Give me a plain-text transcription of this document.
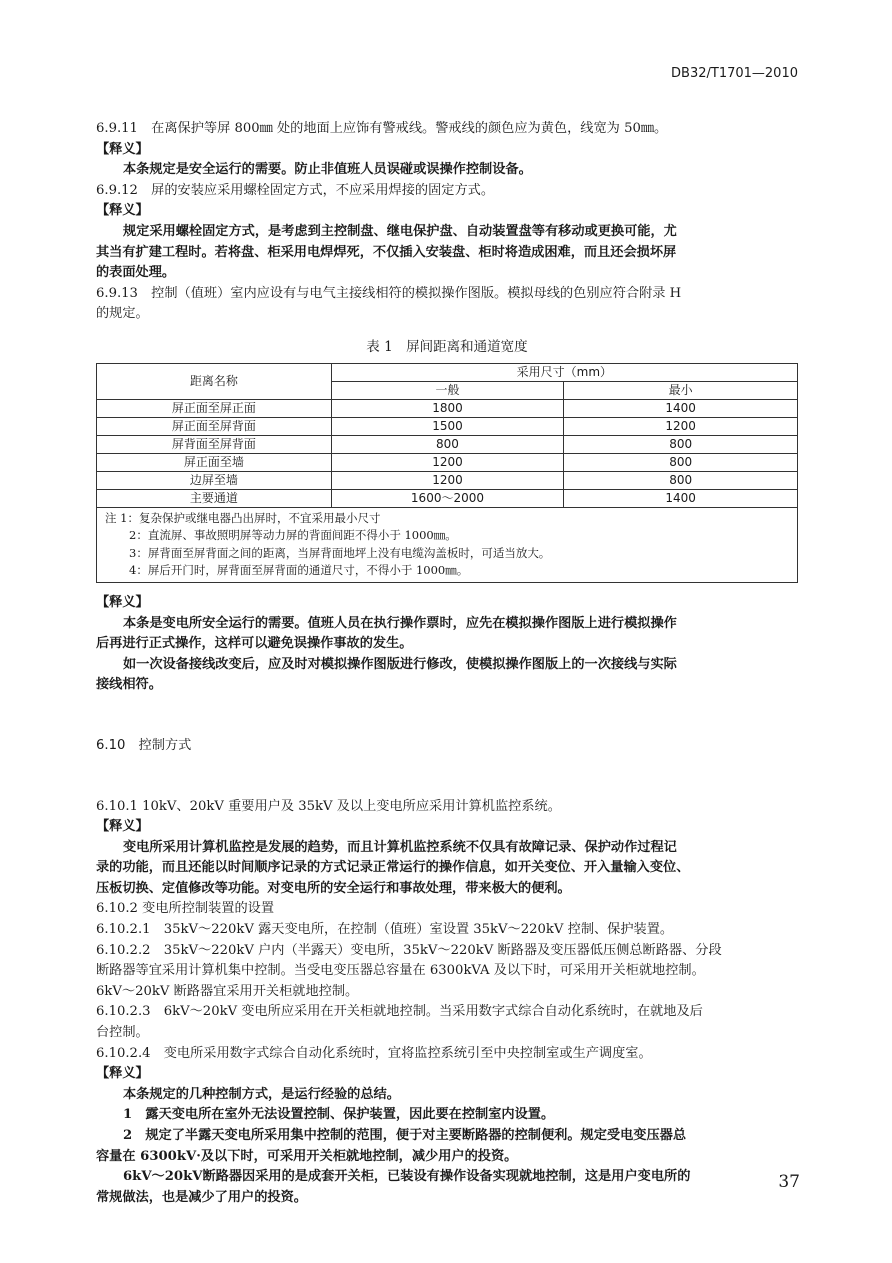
DB32/T1701—2010

6.9.11　在离保护等屏 800㎜ 处的地面上应饰有警戒线。警戒线的颜色应为黄色，线宽为 50㎜。

【释义】

本条规定是安全运行的需要。防止非值班人员误碰或误操作控制设备。

6.9.12　屏的安装应采用螺栓固定方式，不应采用焊接的固定方式。

【释义】

规定采用螺栓固定方式，是考虑到主控制盘、继电保护盘、自动装置盘等有移动或更换可能，尤

其当有扩建工程时。若将盘、柜采用电焊焊死，不仅插入安装盘、柜时将造成困难，而且还会损坏屏

的表面处理。

6.9.13　控制（值班）室内应设有与电气主接线相符的模拟操作图版。模拟母线的色别应符合附录 H

的规定。

表 1　屏间距离和通道宽度
距离名称	采用尺寸（mm）	
	一般	最小
屏正面至屏正面	1800	1400
屏正面至屏背面	1500	1200
屏背面至屏背面	800	800
屏正面至墙	1200	800
边屏至墙	1200	800
主要通道	1600～2000	1400

注 1：复杂保护或继电器凸出屏时，不宜采用最小尺寸
2：直流屏、事故照明屏等动力屏的背面间距不得小于 1000㎜。
3：屏背面至屏背面之间的距离，当屏背面地坪上没有电缆沟盖板时，可适当放大。
4：屏后开门时，屏背面至屏背面的通道尺寸，不得小于 1000㎜。		

【释义】

本条是变电所安全运行的需要。值班人员在执行操作票时，应先在模拟操作图版上进行模拟操作

后再进行正式操作，这样可以避免误操作事故的发生。

如一次设备接线改变后，应及时对模拟操作图版进行修改，使模拟操作图版上的一次接线与实际

接线相符。

6.10　控制方式

6.10.1 10kV、20kV 重要用户及 35kV 及以上变电所应采用计算机监控系统。

【释义】

变电所采用计算机监控是发展的趋势，而且计算机监控系统不仅具有故障记录、保护动作过程记

录的功能，而且还能以时间顺序记录的方式记录正常运行的操作信息，如开关变位、开入量输入变位、

压板切换、定值修改等功能。对变电所的安全运行和事故处理，带来极大的便利。

6.10.2 变电所控制装置的设置

6.10.2.1　35kV～220kV 露天变电所，在控制（值班）室设置 35kV～220kV 控制、保护装置。

6.10.2.2　35kV～220kV 户内（半露天）变电所，35kV～220kV 断路器及变压器低压侧总断路器、分段

断路器等宜采用计算机集中控制。当受电变压器总容量在 6300kVA 及以下时，可采用开关柜就地控制。

6kV～20kV 断路器宜采用开关柜就地控制。

6.10.2.3　6kV～20kV 变电所应采用在开关柜就地控制。当采用数字式综合自动化系统时，在就地及后

台控制。

6.10.2.4　变电所采用数字式综合自动化系统时，宜将监控系统引至中央控制室或生产调度室。

【释义】

本条规定的几种控制方式，是运行经验的总结。

1　露天变电所在室外无法设置控制、保护装置，因此要在控制室内设置。

2　规定了半露天变电所采用集中控制的范围，便于对主要断路器的控制便利。规定受电变压器总

容量在 6300kV·及以下时，可采用开关柜就地控制，减少用户的投资。

6kV～20kV断路器因采用的是成套开关柜，已装设有操作设备实现就地控制，这是用户变电所的

常规做法，也是减少了用户的投资。

37
